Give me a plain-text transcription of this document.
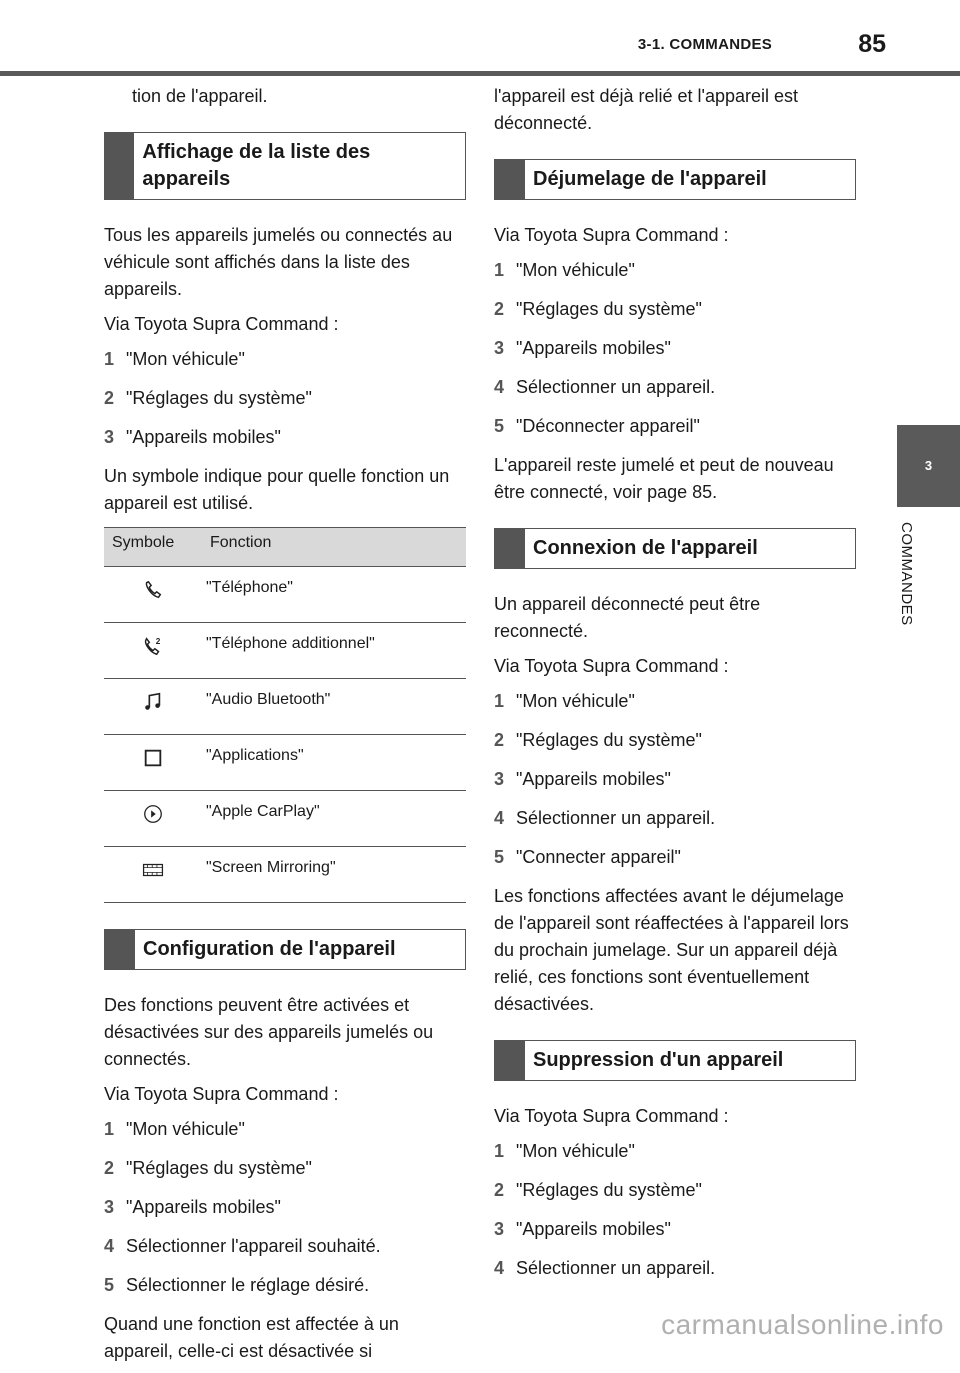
3-1. COMMANDES	85
3
COMMANDES

tion de l'appareil.

Affichage de la liste des appareils

Tous les appareils jumelés ou connectés au véhicule sont affichés dans la liste des appareils.

Via Toyota Supra Command :

1 "Mon véhicule"
2 "Réglages du système"
3 "Appareils mobiles"

Un symbole indique pour quelle fonction un appareil est utilisé.

Symbole	Fonction
	"Téléphone"

2	"Téléphone additionnel"
	"Audio Bluetooth"
	"Applications"
	"Apple CarPlay"
	"Screen Mirroring"
Configuration de l'appareil

Des fonctions peuvent être activées et désactivées sur des appareils jumelés ou connectés.

Via Toyota Supra Command :

1 "Mon véhicule"
2 "Réglages du système"
3 "Appareils mobiles"
4 Sélectionner l'appareil souhaité.
5 Sélectionner le réglage désiré.

Quand une fonction est affectée à un appareil, celle-ci est désactivée si

l'appareil est déjà relié et l'appareil est déconnecté.

Déjumelage de l'appareil

Via Toyota Supra Command :

1 "Mon véhicule"
2 "Réglages du système"
3 "Appareils mobiles"
4 Sélectionner un appareil.
5 "Déconnecter appareil"

L'appareil reste jumelé et peut de nouveau être connecté, voir page 85.

Connexion de l'appareil

Un appareil déconnecté peut être reconnecté.

Via Toyota Supra Command :

1 "Mon véhicule"
2 "Réglages du système"
3 "Appareils mobiles"
4 Sélectionner un appareil.
5 "Connecter appareil"

Les fonctions affectées avant le déjumelage de l'appareil sont réaffectées à l'appareil lors du prochain jumelage. Sur un appareil déjà relié, ces fonctions sont éventuellement désactivées.

Suppression d'un appareil

Via Toyota Supra Command :

1 "Mon véhicule"
2 "Réglages du système"
3 "Appareils mobiles"
4 Sélectionner un appareil.
carmanualsonline.info
